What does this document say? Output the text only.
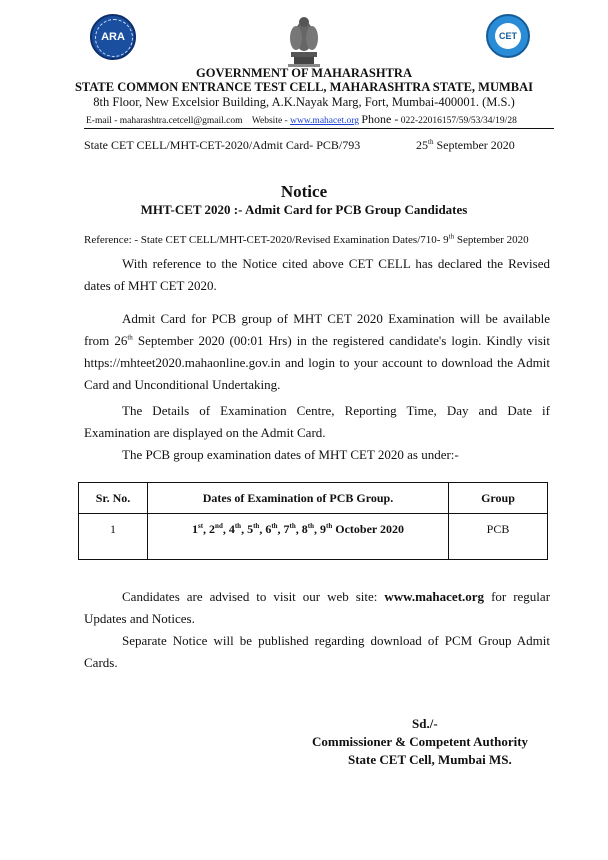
ARA	CET
GOVERNMENT OF MAHARASHTRA
STATE COMMON ENTRANCE TEST CELL, MAHARASHTRA STATE, MUMBAI
8th Floor, New Excelsior Building, A.K.Nayak Marg, Fort, Mumbai-400001. (M.S.)
E-mail - maharashtra.cetcell@gmail.com Website - www.mahacet.org Phone - 022-22016157/59/53/34/19/28
State CET CELL/MHT-CET-2020/Admit Card- PCB/793	25th September 2020
Notice
MHT-CET 2020 :- Admit Card for PCB Group Candidates
Reference: - State CET CELL/MHT-CET-2020/Revised Examination Dates/710- 9th September 2020
With reference to the Notice cited above CET CELL has declared the Revised dates of MHT CET 2020.
Admit Card for PCB group of MHT CET 2020 Examination will be available from 26th September 2020 (00:01 Hrs) in the registered candidate's login. Kindly visit https://mhteet2020.mahaonline.gov.in and login to your account to download the Admit Card and Unconditional Undertaking.
The Details of Examination Centre, Reporting Time, Day and Date if Examination are displayed on the Admit Card.
The PCB group examination dates of MHT CET 2020 as under:-
Sr. No.	Dates of Examination of PCB Group.	Group
1	1st, 2nd, 4th, 5th, 6th, 7th, 8th, 9th October 2020	PCB
Candidates are advised to visit our web site: www.mahacet.org for regular Updates and Notices.
Separate Notice will be published regarding download of PCM Group Admit Cards.
Sd./-
Commissioner & Competent Authority
State CET Cell, Mumbai MS.
